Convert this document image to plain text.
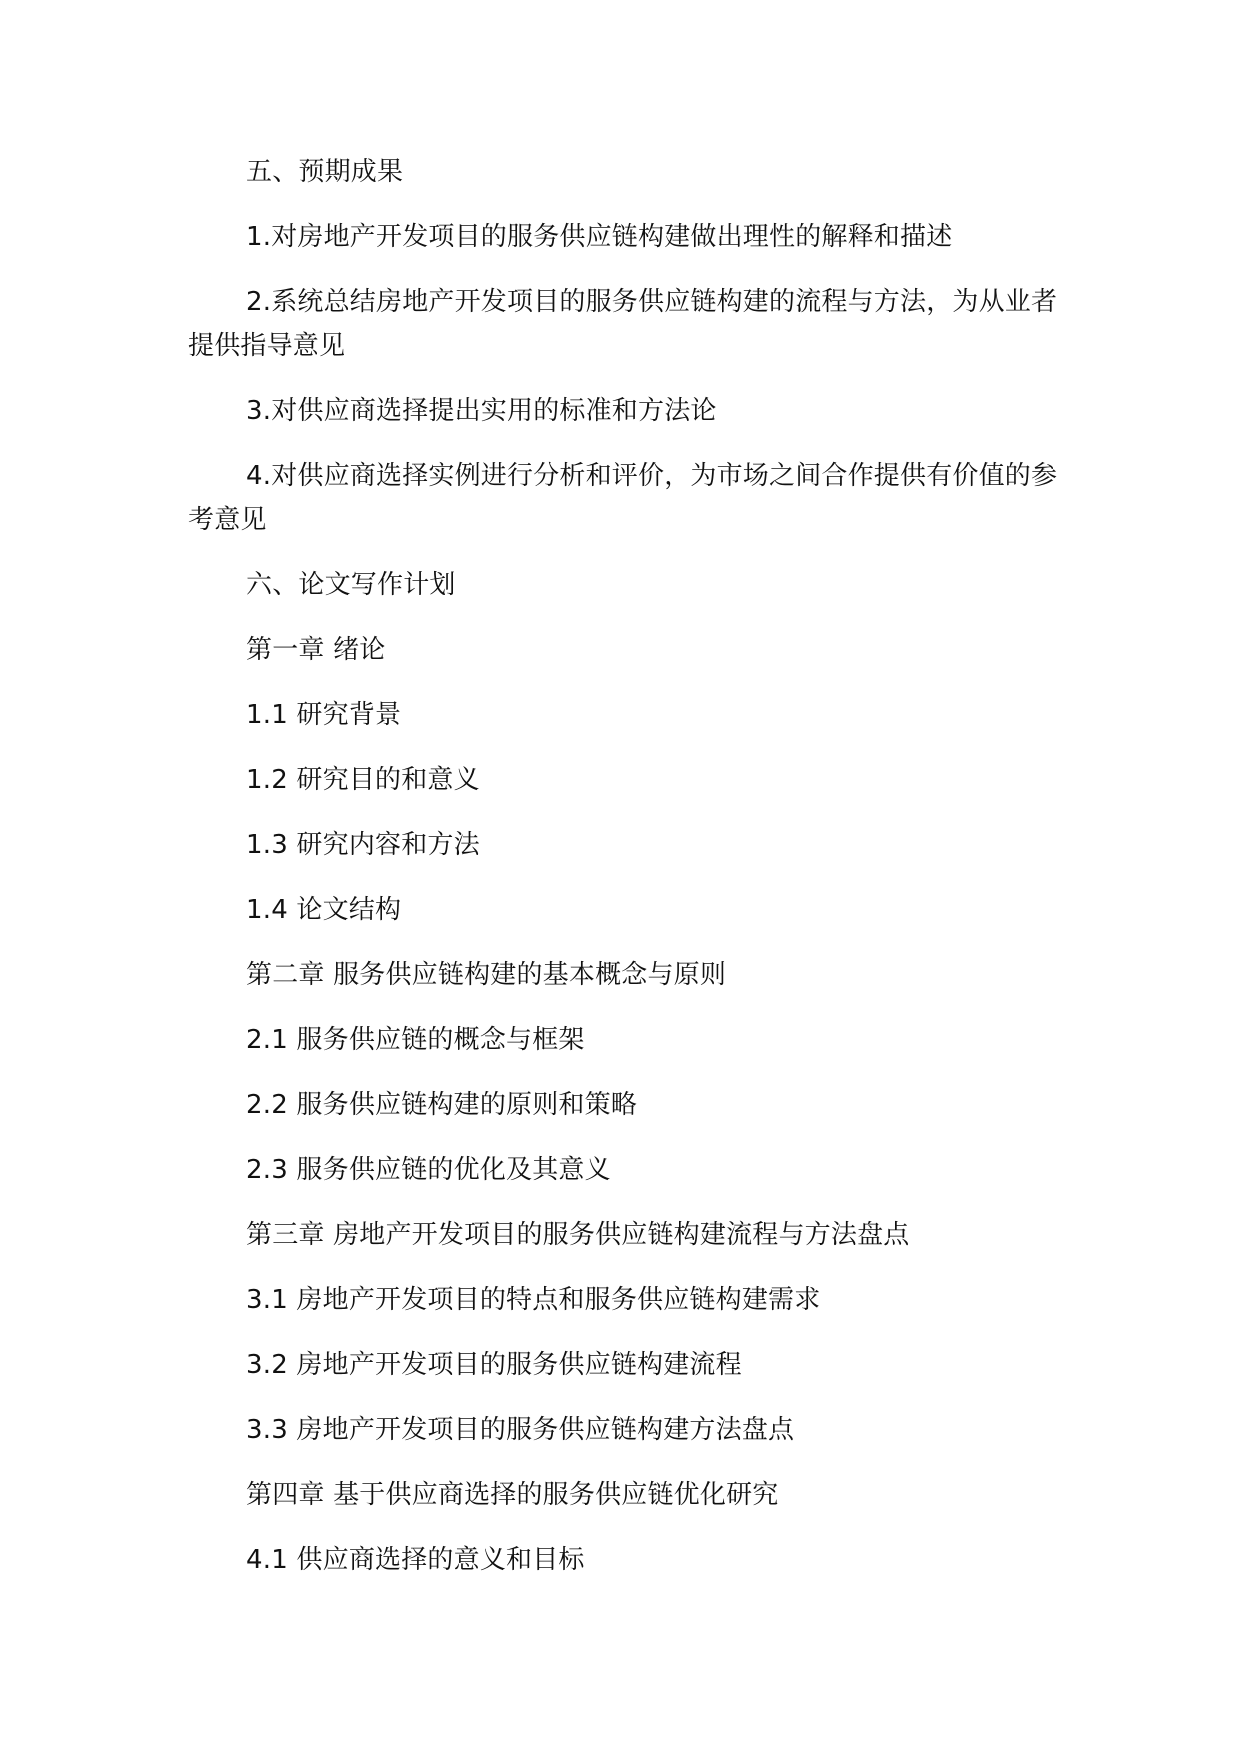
五、预期成果

1.对房地产开发项目的服务供应链构建做出理性的解释和描述

2.系统总结房地产开发项目的服务供应链构建的流程与方法，为从业者提供指导意见

3.对供应商选择提出实用的标准和方法论

4.对供应商选择实例进行分析和评价，为市场之间合作提供有价值的参考意见

六、论文写作计划

第一章 绪论

1.1 研究背景

1.2 研究目的和意义

1.3 研究内容和方法

1.4 论文结构

第二章 服务供应链构建的基本概念与原则

2.1 服务供应链的概念与框架

2.2 服务供应链构建的原则和策略

2.3 服务供应链的优化及其意义

第三章 房地产开发项目的服务供应链构建流程与方法盘点

3.1 房地产开发项目的特点和服务供应链构建需求

3.2 房地产开发项目的服务供应链构建流程

3.3 房地产开发项目的服务供应链构建方法盘点

第四章 基于供应商选择的服务供应链优化研究

4.1 供应商选择的意义和目标
